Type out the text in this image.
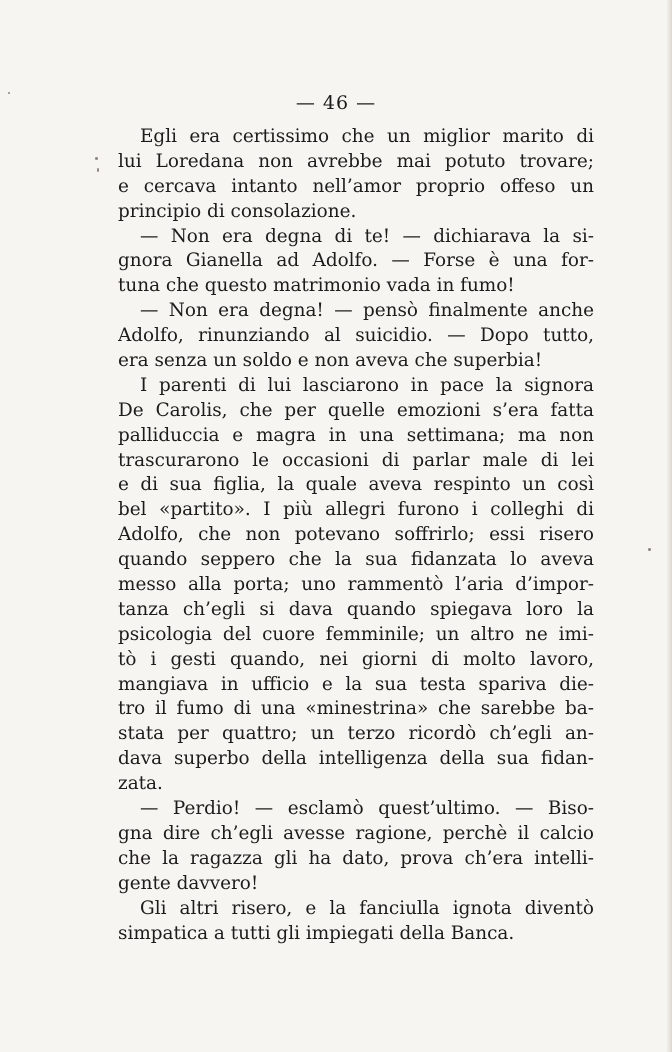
— 46 —
Egli era certissimo che un miglior marito di
lui Loredana non avrebbe mai potuto trovare;
e cercava intanto nell’amor proprio offeso un
principio di consolazione.
— Non era degna di te! — dichiarava la si-
gnora Gianella ad Adolfo. — Forse è una for-
tuna che questo matrimonio vada in fumo!
— Non era degna! — pensò finalmente anche
Adolfo, rinunziando al suicidio. — Dopo tutto,
era senza un soldo e non aveva che superbia!
I parenti di lui lasciarono in pace la signora
De Carolis, che per quelle emozioni s’era fatta
palliduccia e magra in una settimana; ma non
trascurarono le occasioni di parlar male di lei
e di sua figlia, la quale aveva respinto un così
bel «partito». I più allegri furono i colleghi di
Adolfo, che non potevano soffrirlo; essi risero
quando seppero che la sua fidanzata lo aveva
messo alla porta; uno rammentò l’aria d’impor-
tanza ch’egli si dava quando spiegava loro la
psicologia del cuore femminile; un altro ne imi-
tò i gesti quando, nei giorni di molto lavoro,
mangiava in ufficio e la sua testa spariva die-
tro il fumo di una «minestrina» che sarebbe ba-
stata per quattro; un terzo ricordò ch’egli an-
dava superbo della intelligenza della sua fidan-
zata.
— Perdio! — esclamò quest’ultimo. — Biso-
gna dire ch’egli avesse ragione, perchè il calcio
che la ragazza gli ha dato, prova ch’era intelli-
gente davvero!
Gli altri risero, e la fanciulla ignota diventò
simpatica a tutti gli impiegati della Banca.
